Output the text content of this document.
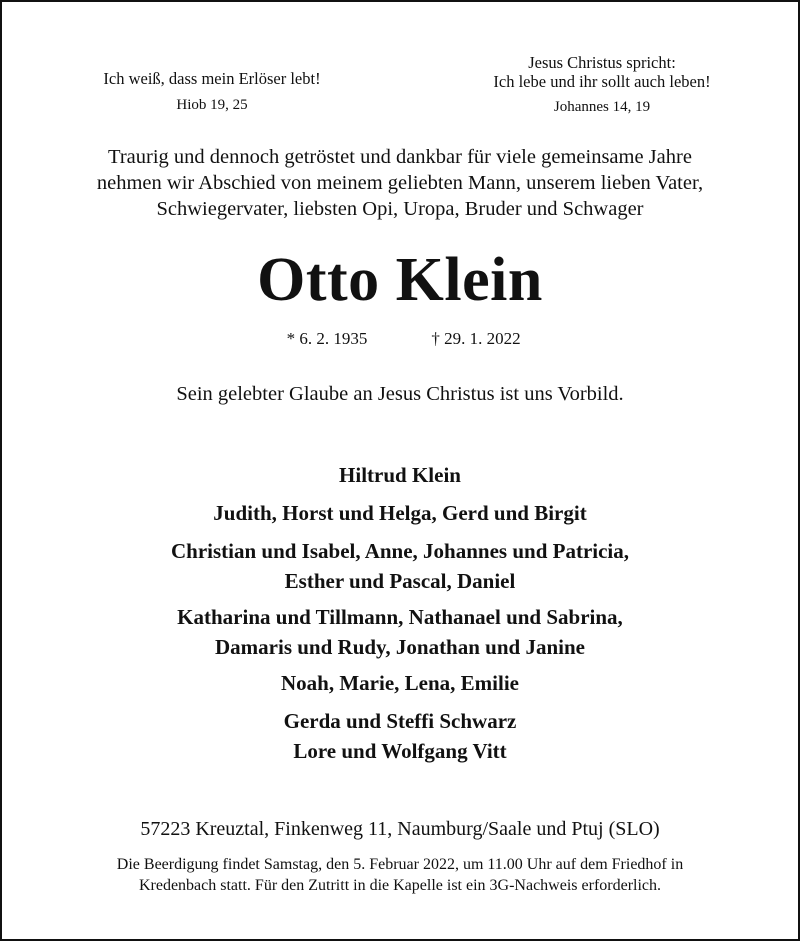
Ich weiß, dass mein Erlöser lebt!
Hiob 19, 25
Jesus Christus spricht:
Ich lebe und ihr sollt auch leben!
Johannes 14, 19
Traurig und dennoch getröstet und dankbar für viele gemeinsame Jahre
nehmen wir Abschied von meinem geliebten Mann, unserem lieben Vater,
Schwiegervater, liebsten Opi, Uropa, Bruder und Schwager
Otto Klein
* 6. 2. 1935	† 29. 1. 2022
Sein gelebter Glaube an Jesus Christus ist uns Vorbild.
Hiltrud Klein
Judith, Horst und Helga, Gerd und Birgit
Christian und Isabel, Anne, Johannes und Patricia,
Esther und Pascal, Daniel
Katharina und Tillmann, Nathanael und Sabrina,
Damaris und Rudy, Jonathan und Janine
Noah, Marie, Lena, Emilie
Gerda und Steffi Schwarz
Lore und Wolfgang Vitt
57223 Kreuztal, Finkenweg 11, Naumburg/Saale und Ptuj (SLO)
Die Beerdigung findet Samstag, den 5. Februar 2022, um 11.00 Uhr auf dem Friedhof in
Kredenbach statt. Für den Zutritt in die Kapelle ist ein 3G-Nachweis erforderlich.
